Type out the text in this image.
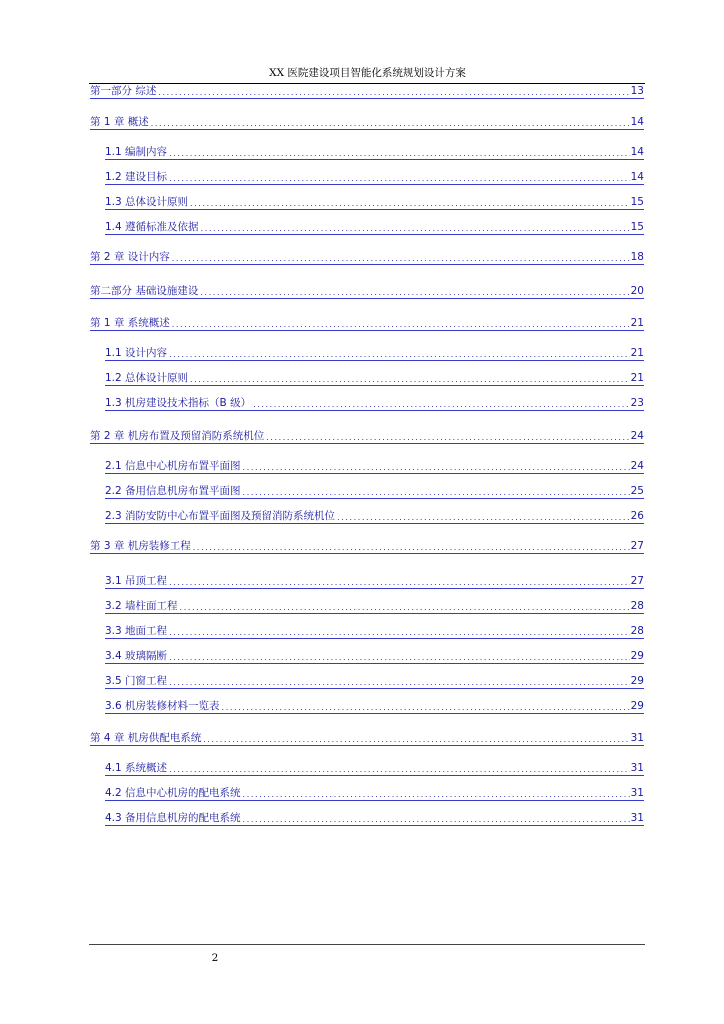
XX 医院建设项目智能化系统规划设计方案
第一部分 综述 .....	13
第 1 章 概述 .....	14
1.1 编制内容 .....	14
1.2 建设目标 .....	14
1.3 总体设计原则 .....	15
1.4 遵循标准及依据 .....	15
第 2 章 设计内容 .....	18
第二部分 基础设施建设 .....	20
第 1 章 系统概述 .....	21
1.1 设计内容 .....	21
1.2 总体设计原则 .....	21
1.3 机房建设技术指标（B 级） .....	23
第 2 章 机房布置及预留消防系统机位 .....	24
2.1 信息中心机房布置平面图 .....	24
2.2 备用信息机房布置平面图 .....	25
2.3 消防安防中心布置平面图及预留消防系统机位 .....	26
第 3 章 机房装修工程 .....	27
3.1 吊顶工程 .....	27
3.2 墙柱面工程 .....	28
3.3 地面工程 .....	28
3.4 玻璃隔断 .....	29
3.5 门窗工程 .....	29
3.6 机房装修材料一览表 .....	29
第 4 章 机房供配电系统 .....	31
4.1 系统概述 .....	31
4.2 信息中心机房的配电系统 .....	31
4.3 备用信息机房的配电系统 .....	31
2
